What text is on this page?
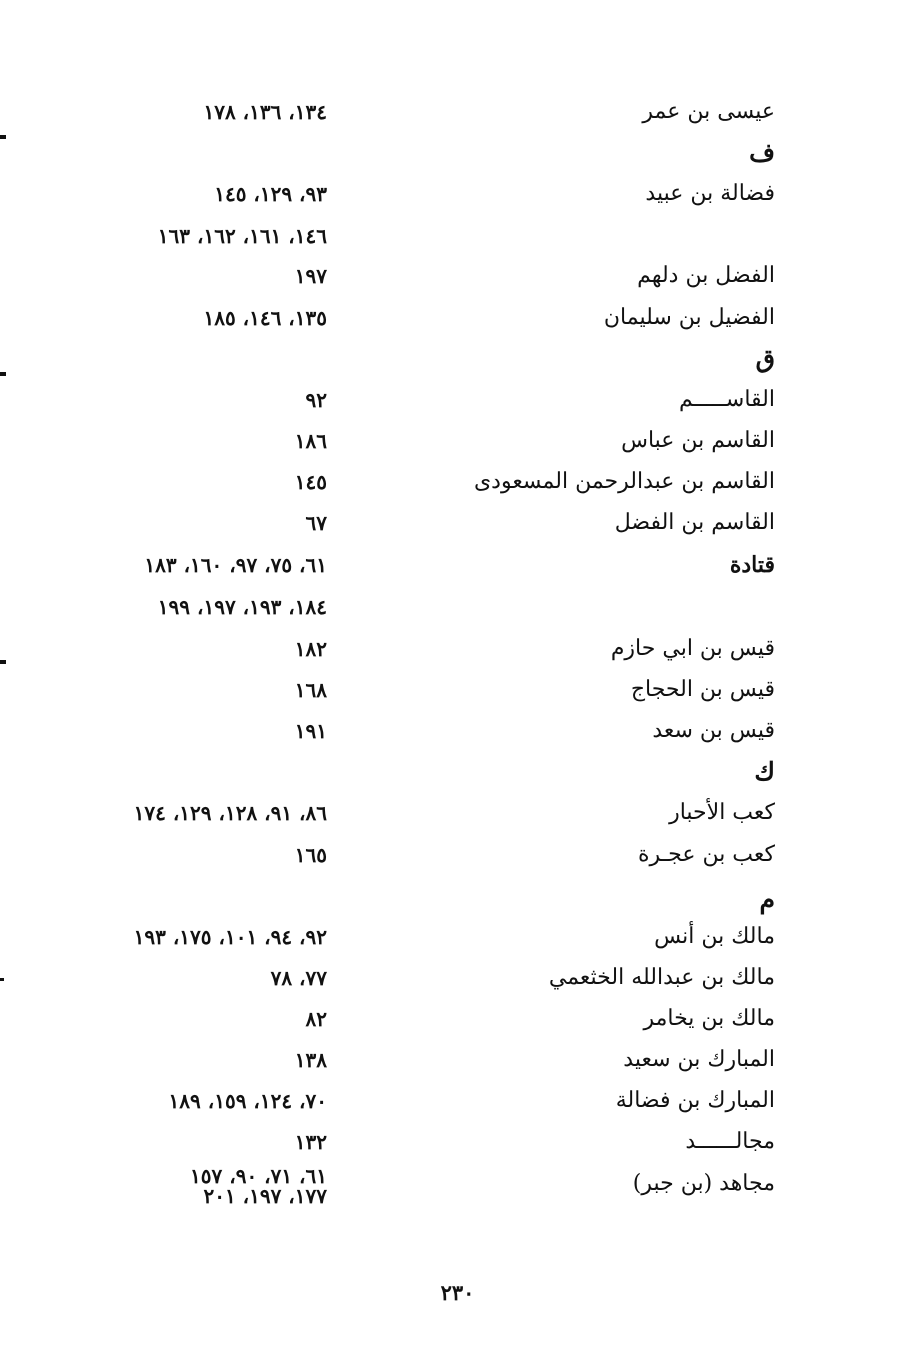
عيسى بن عمر
١٣٤، ١٣٦، ١٧٨
ف
فضالة بن عبيد
٩٣، ١٢٩، ١٤٥
١٤٦، ١٦١، ١٦٢، ١٦٣
الفضل بن دلهم
١٩٧
الفضيل بن سليمان
١٣٥، ١٤٦، ١٨٥
ق
القاســـــم
٩٢
القاسم بن عباس
١٨٦
القاسم بن عبدالرحمن المسعودى
١٤٥
القاسم بن الفضل
٦٧
قتادة
٦١، ٧٥، ٩٧، ١٦٠، ١٨٣
١٨٤، ١٩٣، ١٩٧، ١٩٩
قيس بن ابي حازم
١٨٢
قيس بن الحجاج
١٦٨
قيس بن سعد
١٩١
ك
كعب الأحبار
٨٦، ٩١، ١٢٨، ١٢٩، ١٧٤
كعب بن عجـرة
١٦٥
م
مالك بن أنس
٩٢، ٩٤، ١٠١، ١٧٥، ١٩٣
مالك بن عبدالله الخثعمي
٧٧، ٧٨
مالك بن يخامر
٨٢
المبارك بن سعيد
١٣٨
المبارك بن فضالة
٧٠، ١٢٤، ١٥٩، ١٨٩
مجالــــــد
١٣٢
مجاهد (بن جبر)
٦١، ٧١، ٩٠، ١٥٧
١٧٧، ١٩٧، ٢٠١
٢٣٠
